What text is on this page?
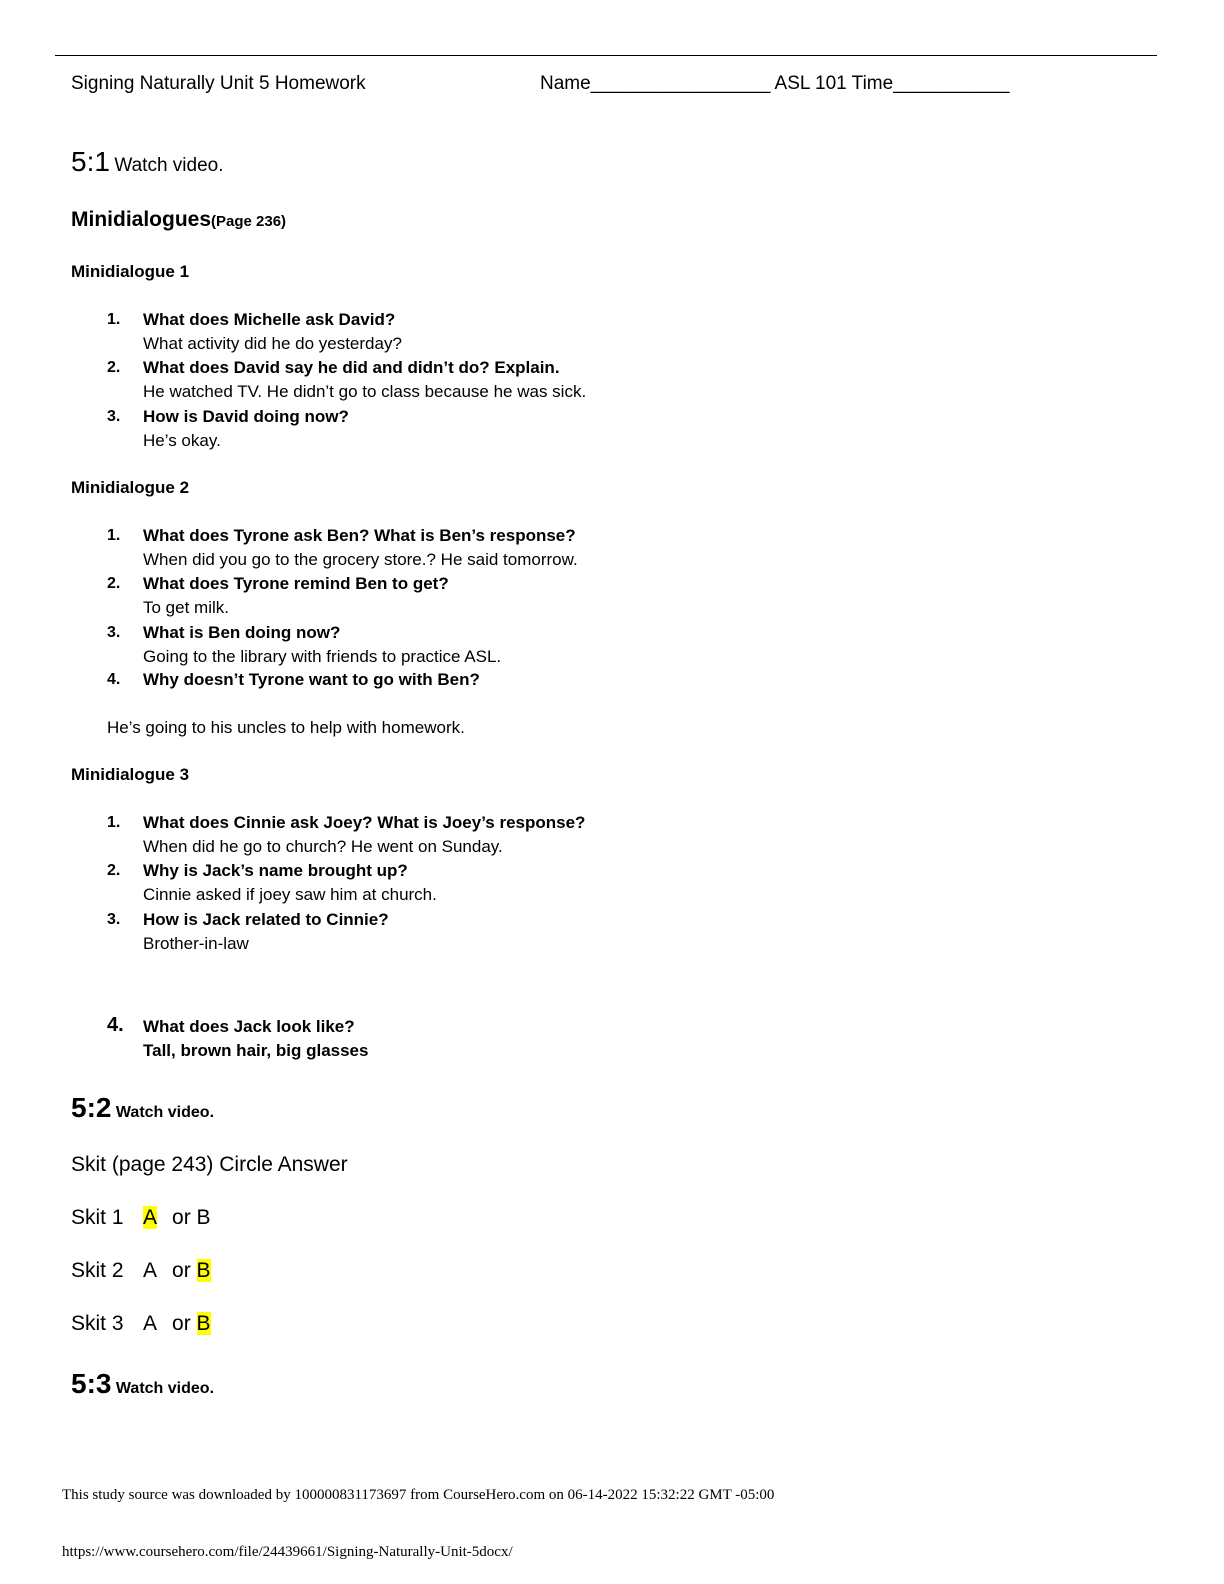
Signing Naturally Unit 5 Homework	Name_________________ ASL 101 Time___________
5:1 Watch video.
Minidialogues(Page 236)
Minidialogue 1
1. What does Michelle ask David?
What activity did he do yesterday?
2. What does David say he did and didn’t do? Explain.
He watched TV. He didn’t go to class because he was sick.
3. How is David doing now?
He’s okay.
Minidialogue 2
1. What does Tyrone ask Ben? What is Ben’s response?
When did you go to the grocery store.? He said tomorrow.
2. What does Tyrone remind Ben to get?
To get milk.
3. What is Ben doing now?
Going to the library with friends to practice ASL.
4. Why doesn’t Tyrone want to go with Ben?
He’s going to his uncles to help with homework.
Minidialogue 3
1. What does Cinnie ask Joey? What is Joey’s response?
When did he go to church? He went on Sunday.
2. Why is Jack’s name brought up?
Cinnie asked if joey saw him at church.
3. How is Jack related to Cinnie?
Brother-in-law
4. What does Jack look like?
Tall, brown hair, big glasses
5:2 Watch video.
Skit (page 243) Circle Answer
Skit 1 A or B
Skit 2 A or B
Skit 3 A or B
5:3 Watch video.
This study source was downloaded by 100000831173697 from CourseHero.com on 06-14-2022 15:32:22 GMT -05:00
https://www.coursehero.com/file/24439661/Signing-Naturally-Unit-5docx/
